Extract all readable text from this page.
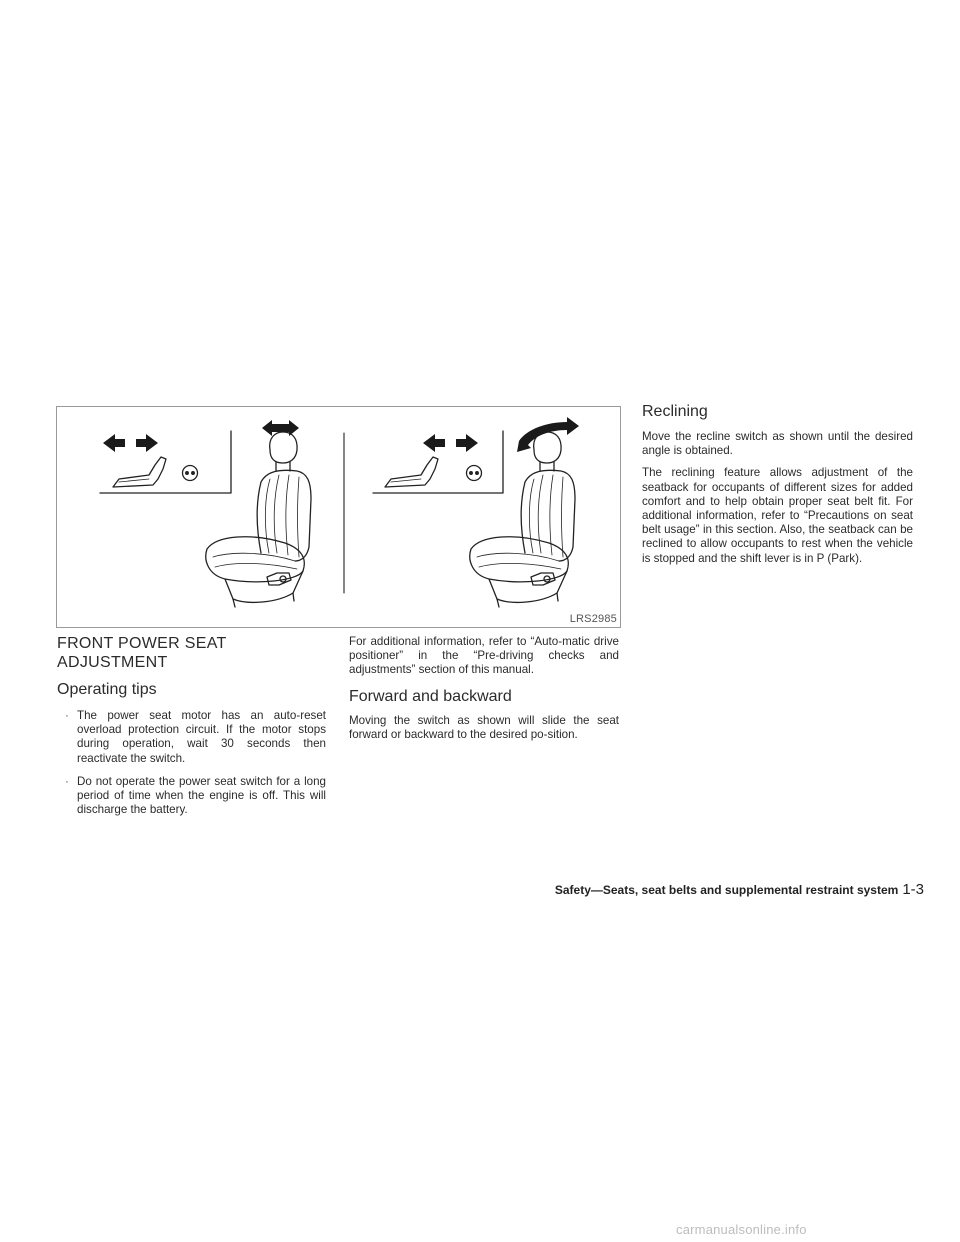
LRS2985
FRONT POWER SEAT ADJUSTMENT
Operating tips
· The power seat motor has an auto-reset overload protection circuit. If the motor stops during operation, wait 30 seconds then reactivate the switch.
· Do not operate the power seat switch for a long period of time when the engine is off. This will discharge the battery.

For additional information, refer to “Auto-matic drive positioner” in the “Pre-driving checks and adjustments” section of this manual.

Forward and backward

Moving the switch as shown will slide the seat forward or backward to the desired po-sition.

Reclining

Move the recline switch as shown until the desired angle is obtained.

The reclining feature allows adjustment of the seatback for occupants of different sizes for added comfort and to help obtain proper seat belt fit. For additional information, refer to “Precautions on seat belt usage” in this section. Also, the seatback can be reclined to allow occupants to rest when the vehicle is stopped and the shift lever is in P (Park).

Safety—Seats, seat belts and supplemental restraint system 1-3
carmanualsonline.info
